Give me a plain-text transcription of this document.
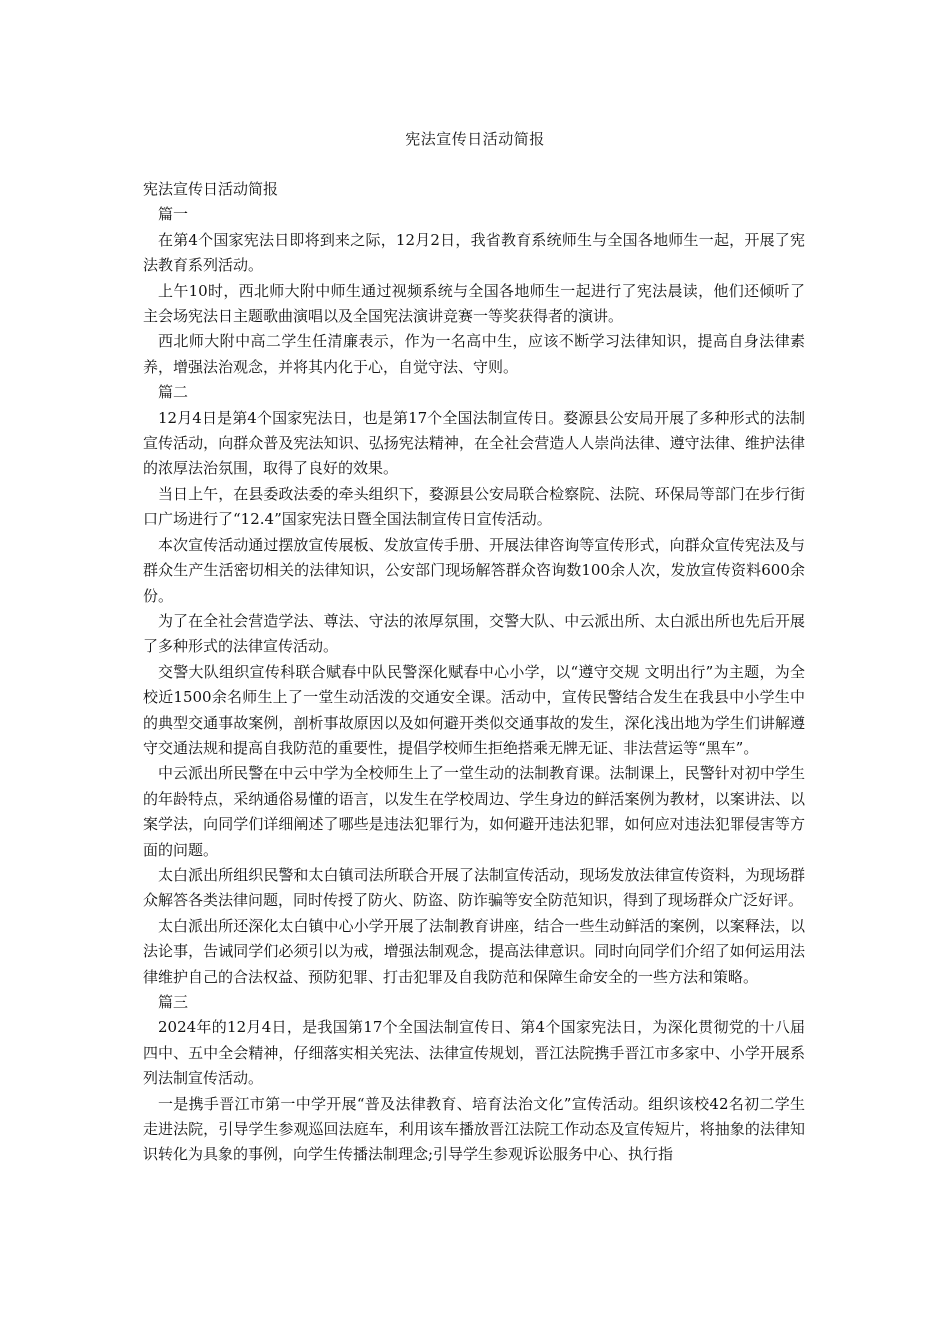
宪法宣传日活动简报

宪法宣传日活动简报

篇一

在第4个国家宪法日即将到来之际，12月2日，我省教育系统师生与全国各地师生一起，开展了宪法教育系列活动。

上午10时，西北师大附中师生通过视频系统与全国各地师生一起进行了宪法晨读，他们还倾听了主会场宪法日主题歌曲演唱以及全国宪法演讲竞赛一等奖获得者的演讲。

西北师大附中高二学生任清廉表示，作为一名高中生，应该不断学习法律知识，提高自身法律素养，增强法治观念，并将其内化于心，自觉守法、守则。

篇二

12月4日是第4个国家宪法日，也是第17个全国法制宣传日。婺源县公安局开展了多种形式的法制宣传活动，向群众普及宪法知识、弘扬宪法精神，在全社会营造人人崇尚法律、遵守法律、维护法律的浓厚法治氛围，取得了良好的效果。

当日上午，在县委政法委的牵头组织下，婺源县公安局联合检察院、法院、环保局等部门在步行街口广场进行了“12.4”国家宪法日暨全国法制宣传日宣传活动。

本次宣传活动通过摆放宣传展板、发放宣传手册、开展法律咨询等宣传形式，向群众宣传宪法及与群众生产生活密切相关的法律知识，公安部门现场解答群众咨询数100余人次，发放宣传资料600余份。

为了在全社会营造学法、尊法、守法的浓厚氛围，交警大队、中云派出所、太白派出所也先后开展了多种形式的法律宣传活动。

交警大队组织宣传科联合赋春中队民警深化赋春中心小学，以“遵守交规 文明出行”为主题，为全校近1500余名师生上了一堂生动活泼的交通安全课。活动中，宣传民警结合发生在我县中小学生中的典型交通事故案例，剖析事故原因以及如何避开类似交通事故的发生，深化浅出地为学生们讲解遵守交通法规和提高自我防范的重要性，提倡学校师生拒绝搭乘无牌无证、非法营运等“黑车”。

中云派出所民警在中云中学为全校师生上了一堂生动的法制教育课。法制课上，民警针对初中学生的年龄特点，采纳通俗易懂的语言，以发生在学校周边、学生身边的鲜活案例为教材，以案讲法、以案学法，向同学们详细阐述了哪些是违法犯罪行为，如何避开违法犯罪，如何应对违法犯罪侵害等方面的问题。

太白派出所组织民警和太白镇司法所联合开展了法制宣传活动，现场发放法律宣传资料，为现场群众解答各类法律问题，同时传授了防火、防盗、防诈骗等安全防范知识，得到了现场群众广泛好评。

太白派出所还深化太白镇中心小学开展了法制教育讲座，结合一些生动鲜活的案例，以案释法，以法论事，告诫同学们必须引以为戒，增强法制观念，提高法律意识。同时向同学们介绍了如何运用法律维护自己的合法权益、预防犯罪、打击犯罪及自我防范和保障生命安全的一些方法和策略。

篇三

2024年的12月4日，是我国第17个全国法制宣传日、第4个国家宪法日，为深化贯彻党的十八届四中、五中全会精神，仔细落实相关宪法、法律宣传规划，晋江法院携手晋江市多家中、小学开展系列法制宣传活动。

一是携手晋江市第一中学开展“普及法律教育、培育法治文化”宣传活动。组织该校42名初二学生走进法院，引导学生参观巡回法庭车，利用该车播放晋江法院工作动态及宣传短片，将抽象的法律知识转化为具象的事例，向学生传播法制理念;引导学生参观诉讼服务中心、执行指
